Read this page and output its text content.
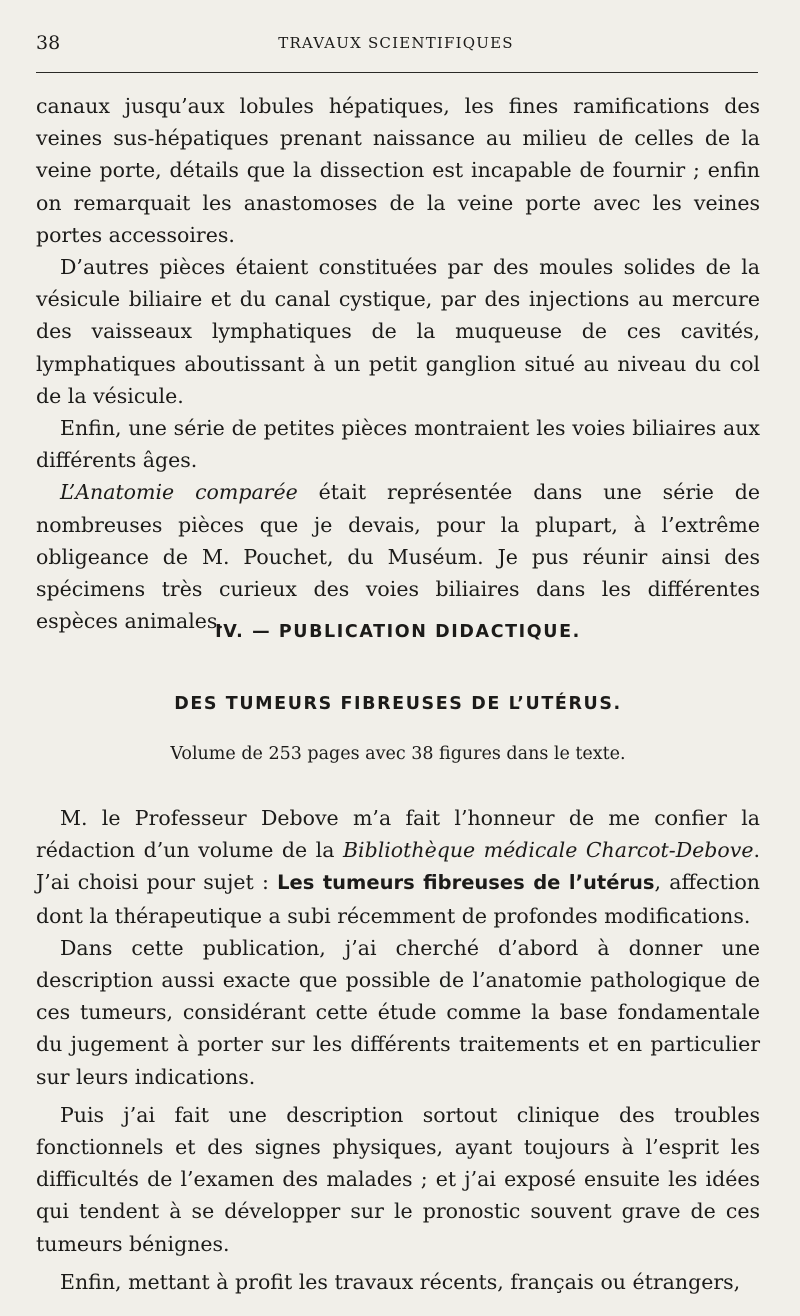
38	TRAVAUX SCIENTIFIQUES

canaux jusqu’aux lobules hépatiques, les fines ramifications des veines sus-hépatiques prenant naissance au milieu de celles de la veine porte, détails que la dissection est incapable de fournir ; enfin on remarquait les anastomoses de la veine porte avec les veines portes accessoires.

D’autres pièces étaient constituées par des moules solides de la vésicule biliaire et du canal cystique, par des injections au mercure des vaisseaux lymphatiques de la muqueuse de ces cavités, lymphatiques aboutissant à un petit ganglion situé au niveau du col de la vésicule.

Enfin, une série de petites pièces montraient les voies biliaires aux différents âges.

L’Anatomie comparée était représentée dans une série de nombreuses pièces que je devais, pour la plupart, à l’extrême obligeance de M. Pouchet, du Muséum. Je pus réunir ainsi des spécimens très curieux des voies biliaires dans les différentes espèces animales.

IV. — PUBLICATION DIDACTIQUE.
DES TUMEURS FIBREUSES DE L’UTÉRUS.
Volume de 253 pages avec 38 figures dans le texte.

M. le Professeur Debove m’a fait l’honneur de me confier la rédaction d’un volume de la Bibliothèque médicale Charcot-Debove. J’ai choisi pour sujet : Les tumeurs fibreuses de l’utérus, affection dont la thérapeutique a subi récemment de profondes modifications.

Dans cette publication, j’ai cherché d’abord à donner une description aussi exacte que possible de l’anatomie pathologique de ces tumeurs, considérant cette étude comme la base fondamentale du jugement à porter sur les différents traitements et en particulier sur leurs indications.

Puis j’ai fait une description sortout clinique des troubles fonctionnels et des signes physiques, ayant toujours à l’esprit les difficultés de l’examen des malades ; et j’ai exposé ensuite les idées qui tendent à se développer sur le pronostic souvent grave de ces tumeurs bénignes.

Enfin, mettant à profit les travaux récents, français ou étrangers,
